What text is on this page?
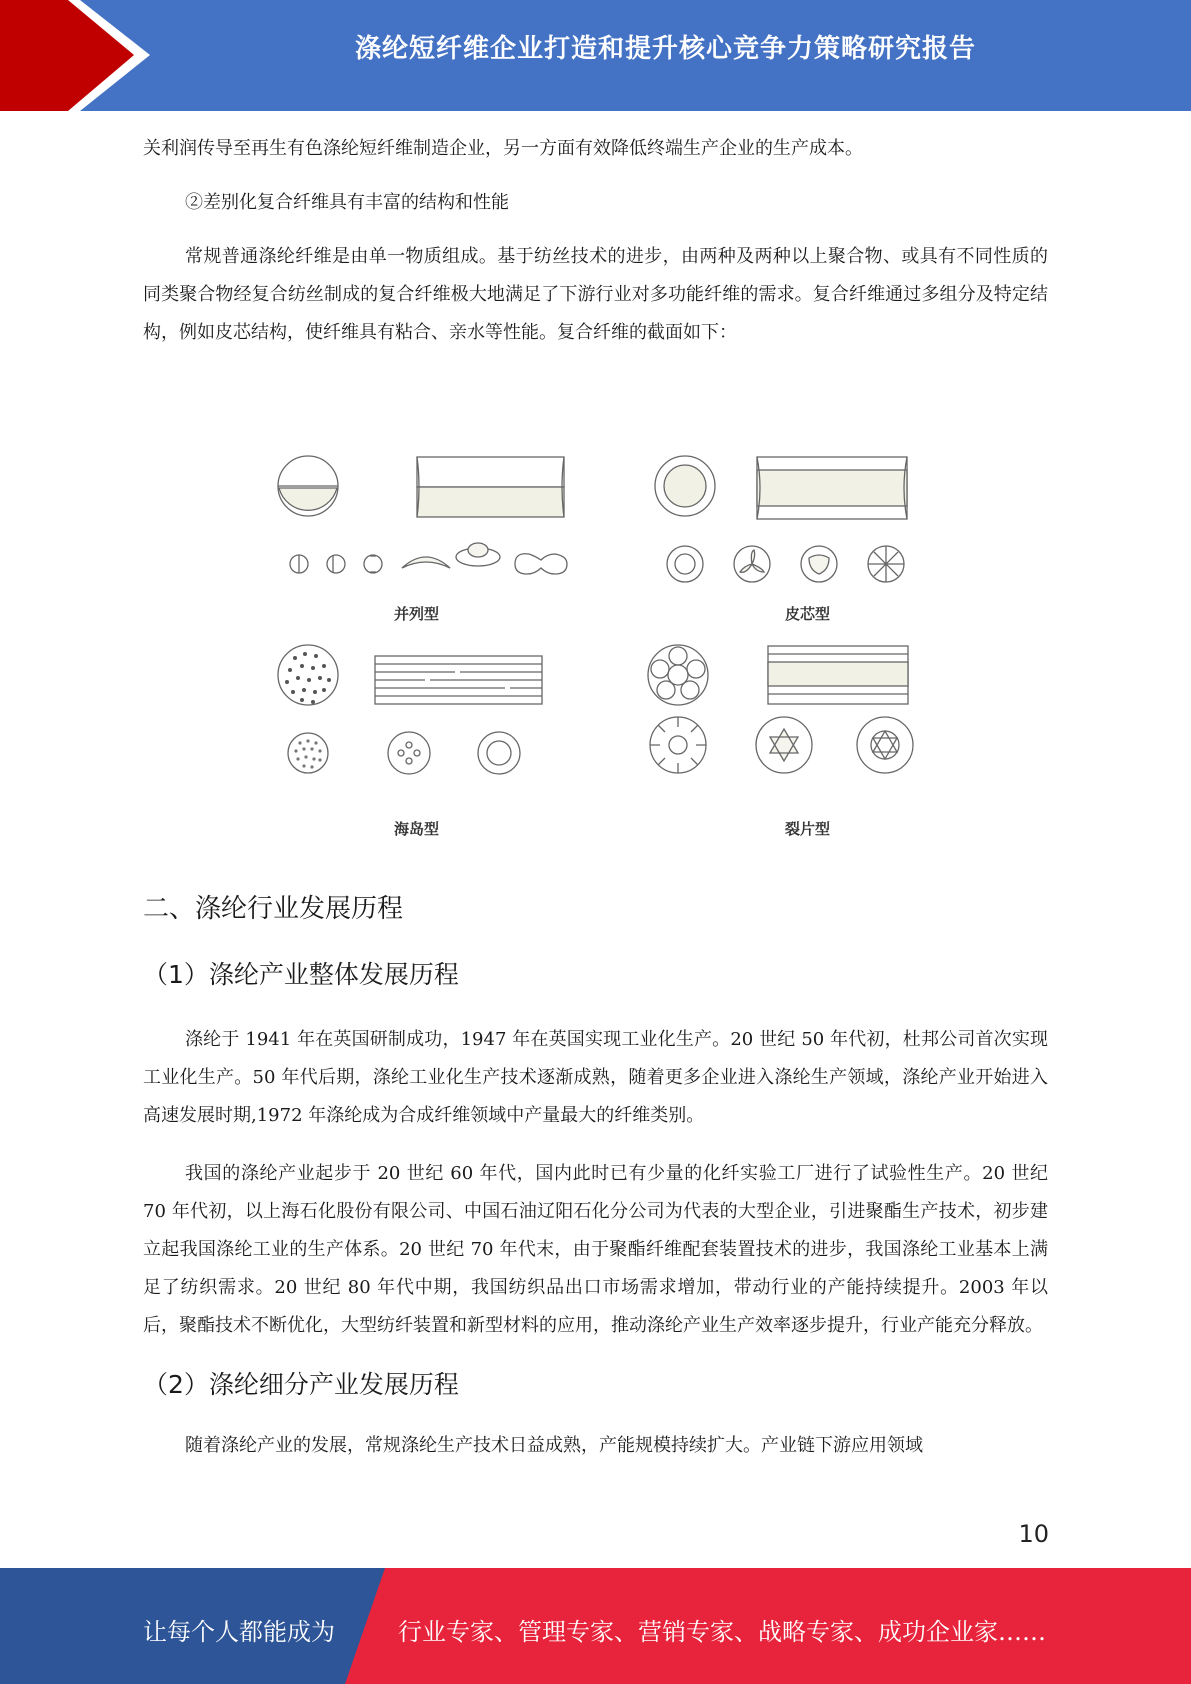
涤纶短纤维企业打造和提升核心竞争力策略研究报告

关利润传导至再生有色涤纶短纤维制造企业，另一方面有效降低终端生产企业的生产成本。

②差别化复合纤维具有丰富的结构和性能

常规普通涤纶纤维是由单一物质组成。基于纺丝技术的进步，由两种及两种以上聚合物、或具有不同性质的同类聚合物经复合纺丝制成的复合纤维极大地满足了下游行业对多功能纤维的需求。复合纤维通过多组分及特定结构，例如皮芯结构，使纤维具有粘合、亲水等性能。复合纤维的截面如下：

并列型	皮芯型
海岛型	裂片型
二、涤纶行业发展历程
（1）涤纶产业整体发展历程

涤纶于 1941 年在英国研制成功，1947 年在英国实现工业化生产。20 世纪 50 年代初，杜邦公司首次实现工业化生产。50 年代后期，涤纶工业化生产技术逐渐成熟，随着更多企业进入涤纶生产领域，涤纶产业开始进入高速发展时期,1972 年涤纶成为合成纤维领域中产量最大的纤维类别。

我国的涤纶产业起步于 20 世纪 60 年代，国内此时已有少量的化纤实验工厂进行了试验性生产。20 世纪 70 年代初，以上海石化股份有限公司、中国石油辽阳石化分公司为代表的大型企业，引进聚酯生产技术，初步建立起我国涤纶工业的生产体系。20 世纪 70 年代末，由于聚酯纤维配套装置技术的进步，我国涤纶工业基本上满足了纺织需求。20 世纪 80 年代中期，我国纺织品出口市场需求增加，带动行业的产能持续提升。2003 年以后，聚酯技术不断优化，大型纺纤装置和新型材料的应用，推动涤纶产业生产效率逐步提升，行业产能充分释放。

（2）涤纶细分产业发展历程

随着涤纶产业的发展，常规涤纶生产技术日益成熟，产能规模持续扩大。产业链下游应用领域

10
让每个人都能成为	行业专家、管理专家、营销专家、战略专家、成功企业家……
